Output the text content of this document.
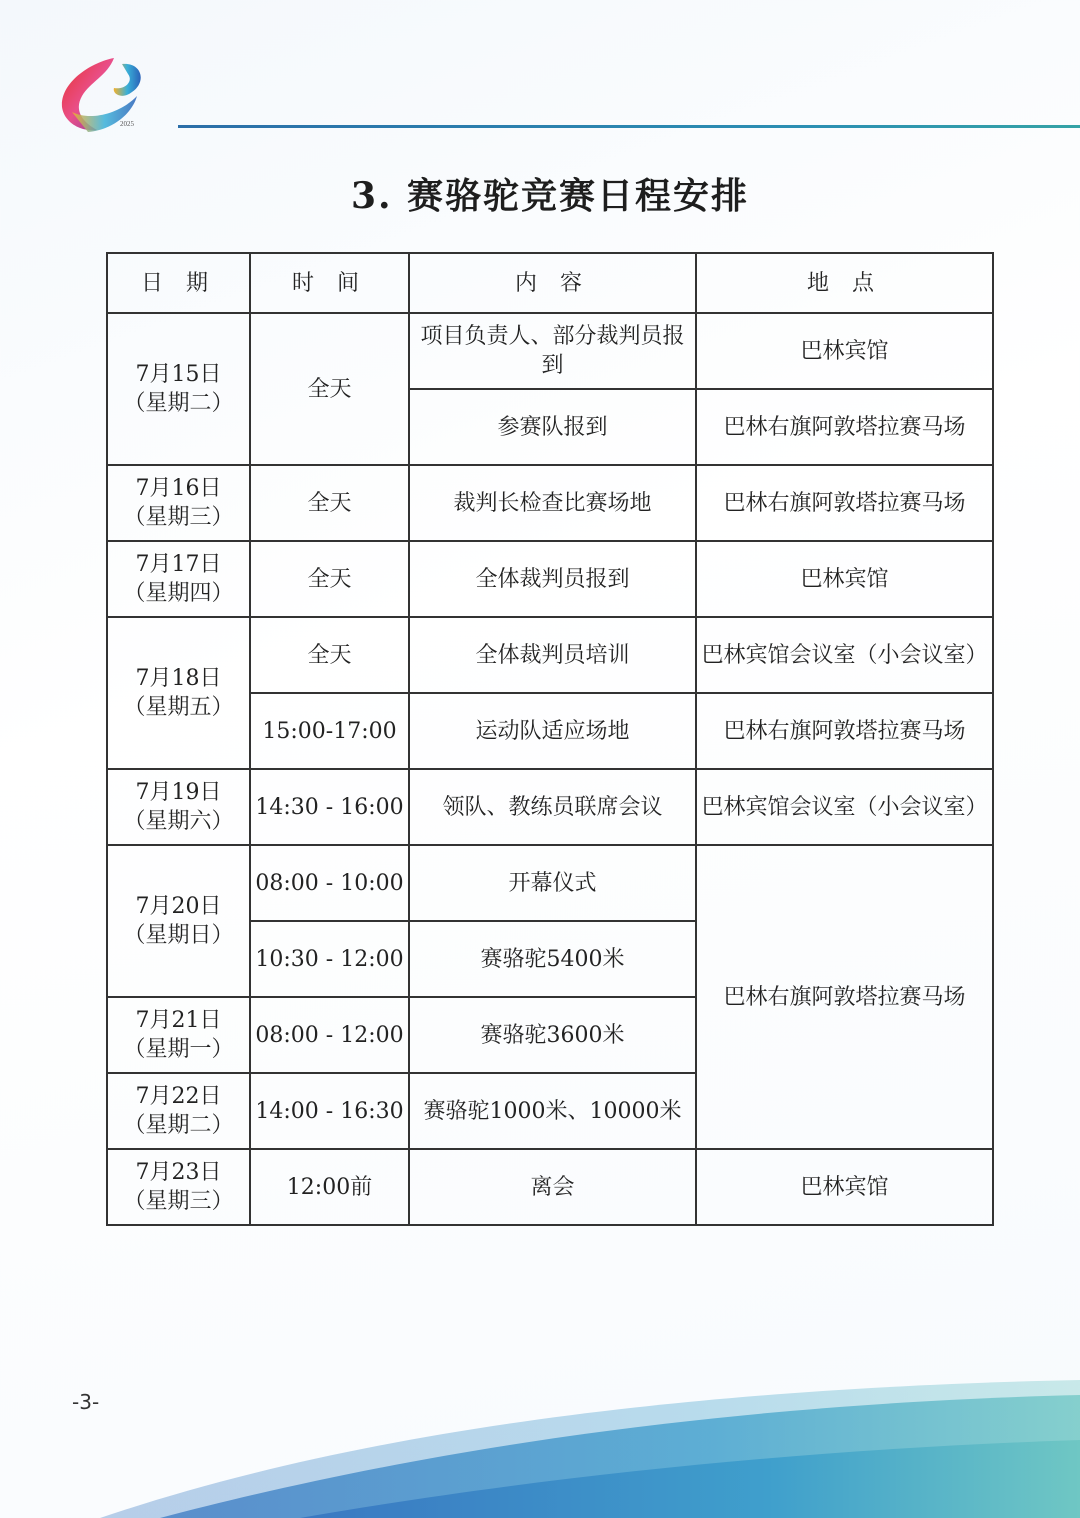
2025
3. 赛骆驼竞赛日程安排
日 期	时 间	内 容	地 点

7月15日
（星期二）	全天	项目负责人、部分裁判员报到	巴林宾馆
		参赛队报到	巴林右旗阿敦塔拉赛马场

7月16日
（星期三）	全天	裁判长检查比赛场地	巴林右旗阿敦塔拉赛马场

7月17日
（星期四）	全天	全体裁判员报到	巴林宾馆

7月18日
（星期五）	全天	全体裁判员培训	巴林宾馆会议室（小会议室）
	15:00-17:00	运动队适应场地	巴林右旗阿敦塔拉赛马场

7月19日
（星期六）	14:30 - 16:00	领队、教练员联席会议	巴林宾馆会议室（小会议室）

7月20日
（星期日）	08:00 - 10:00	开幕仪式	巴林右旗阿敦塔拉赛马场
	10:30 - 12:00	赛骆驼5400米	

7月21日
（星期一）	08:00 - 12:00	赛骆驼3600米	

7月22日
（星期二）	14:00 - 16:30	赛骆驼1000米、10000米	

7月23日
（星期三）	12:00前	离会	巴林宾馆
-3-
